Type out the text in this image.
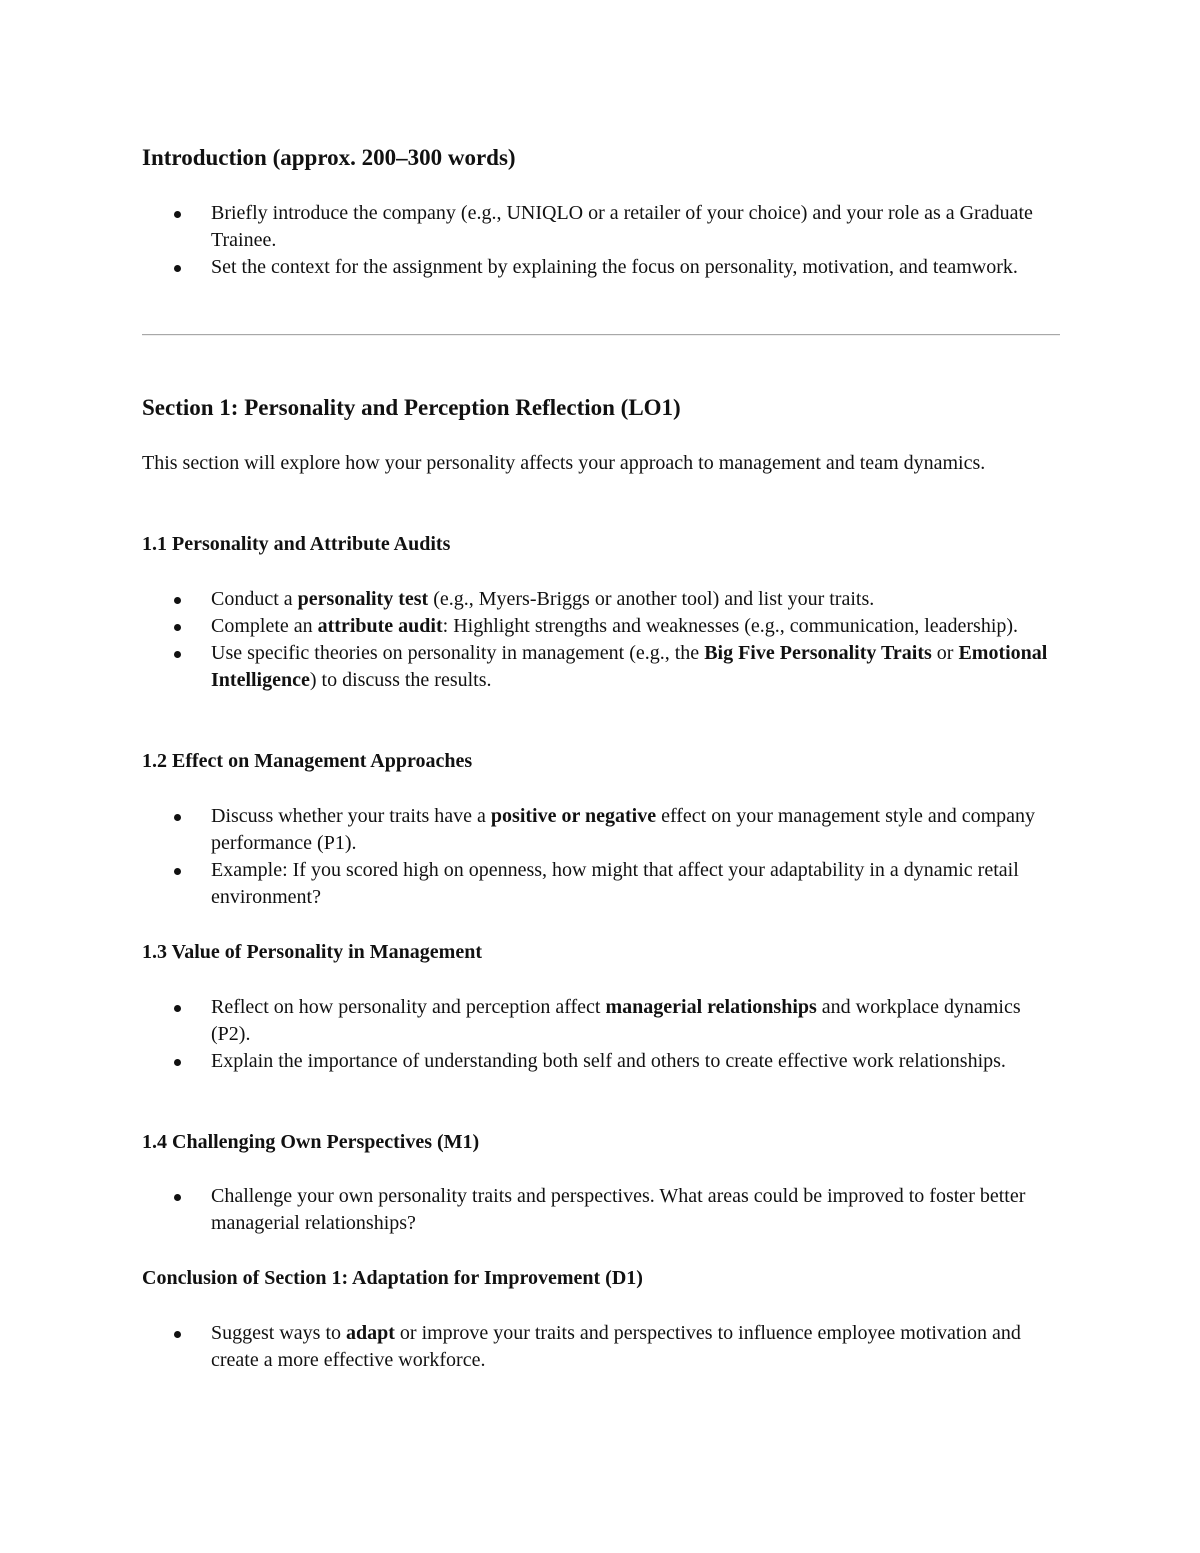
Introduction (approx. 200–300 words)
Briefly introduce the company (e.g., UNIQLO or a retailer of your choice) and your role as a Graduate Trainee.
Set the context for the assignment by explaining the focus on personality, motivation, and teamwork.
Section 1: Personality and Perception Reflection (LO1)

This section will explore how your personality affects your approach to management and team dynamics.

1.1 Personality and Attribute Audits
Conduct a personality test (e.g., Myers-Briggs or another tool) and list your traits.
Complete an attribute audit: Highlight strengths and weaknesses (e.g., communication, leadership).
Use specific theories on personality in management (e.g., the Big Five Personality Traits or Emotional Intelligence) to discuss the results.
1.2 Effect on Management Approaches
Discuss whether your traits have a positive or negative effect on your management style and company performance (P1).
Example: If you scored high on openness, how might that affect your adaptability in a dynamic retail environment?
1.3 Value of Personality in Management
Reflect on how personality and perception affect managerial relationships and workplace dynamics (P2).
Explain the importance of understanding both self and others to create effective work relationships.
1.4 Challenging Own Perspectives (M1)
Challenge your own personality traits and perspectives. What areas could be improved to foster better managerial relationships?
Conclusion of Section 1: Adaptation for Improvement (D1)
Suggest ways to adapt or improve your traits and perspectives to influence employee motivation and create a more effective workforce.
